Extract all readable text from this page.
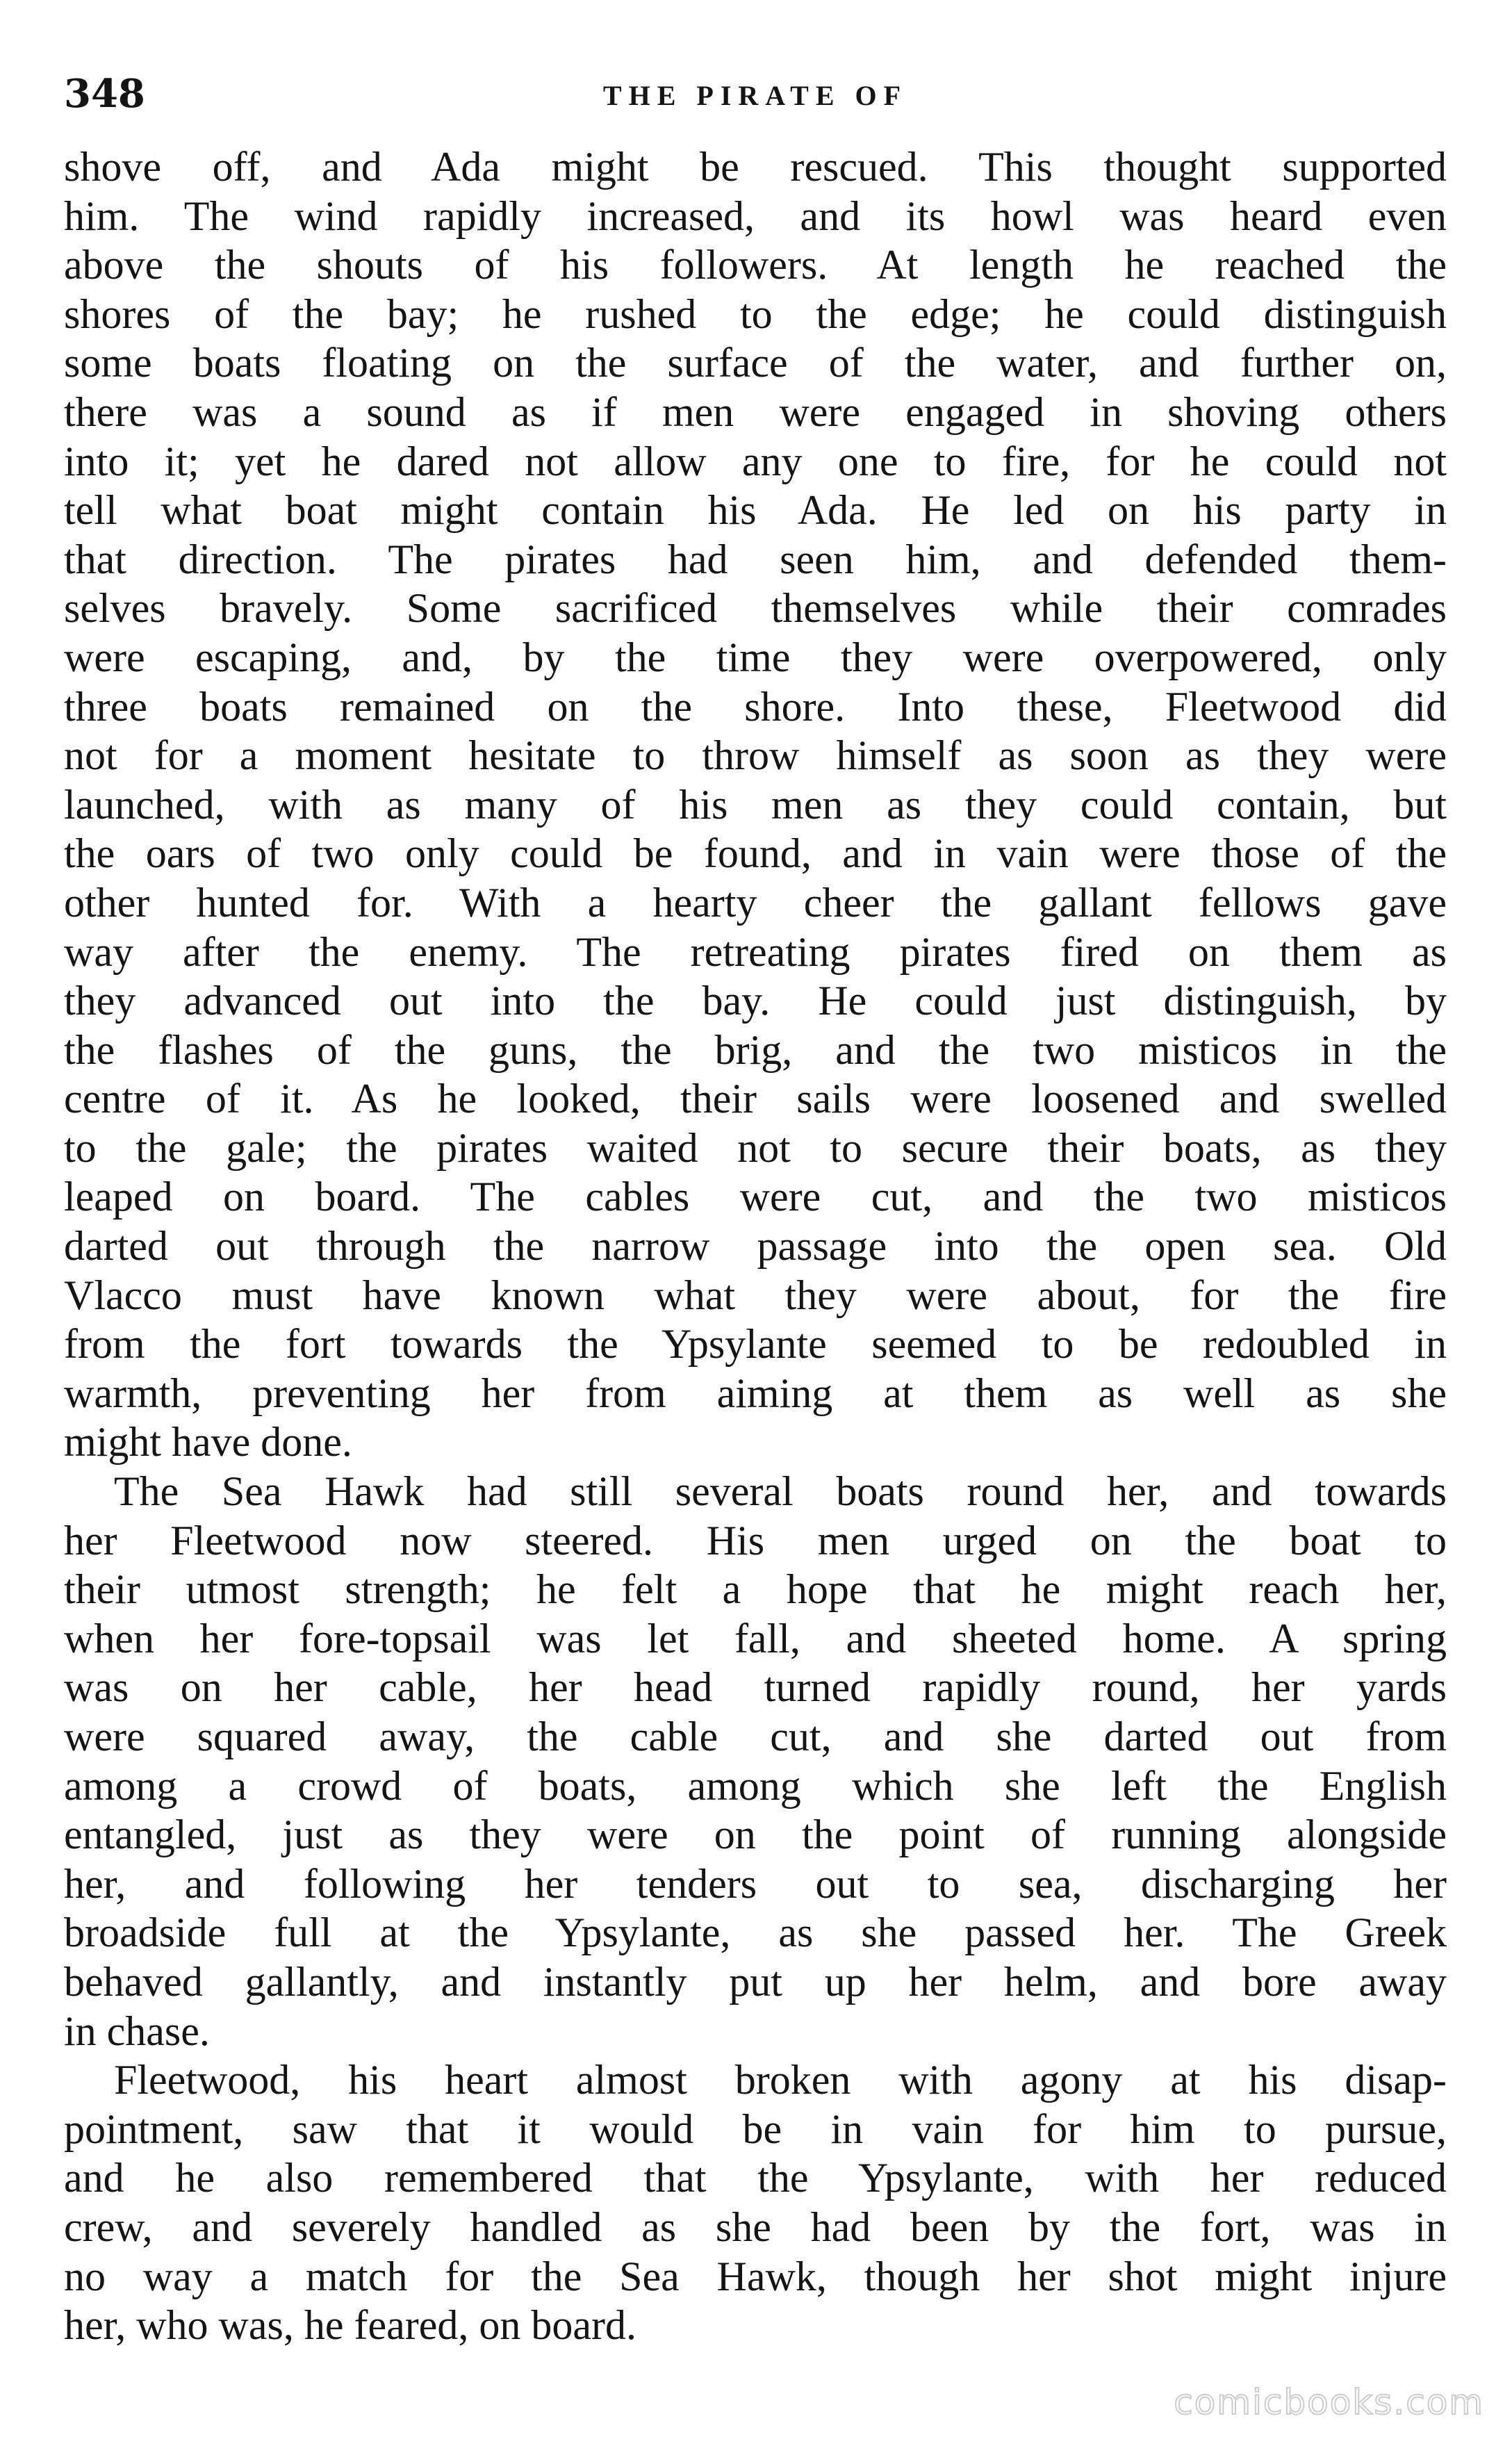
348	THE PIRATE OF
shove off, and Ada might be rescued. This thought supported
him. The wind rapidly increased, and its howl was heard even
above the shouts of his followers. At length he reached the
shores of the bay; he rushed to the edge; he could distinguish
some boats floating on the surface of the water, and further on,
there was a sound as if men were engaged in shoving others
into it; yet he dared not allow any one to fire, for he could not
tell what boat might contain his Ada. He led on his party in
that direction. The pirates had seen him, and defended them-
selves bravely. Some sacrificed themselves while their comrades
were escaping, and, by the time they were overpowered, only
three boats remained on the shore. Into these, Fleetwood did
not for a moment hesitate to throw himself as soon as they were
launched, with as many of his men as they could contain, but
the oars of two only could be found, and in vain were those of the
other hunted for. With a hearty cheer the gallant fellows gave
way after the enemy. The retreating pirates fired on them as
they advanced out into the bay. He could just distinguish, by
the flashes of the guns, the brig, and the two misticos in the
centre of it. As he looked, their sails were loosened and swelled
to the gale; the pirates waited not to secure their boats, as they
leaped on board. The cables were cut, and the two misticos
darted out through the narrow passage into the open sea. Old
Vlacco must have known what they were about, for the fire
from the fort towards the Ypsylante seemed to be redoubled in
warmth, preventing her from aiming at them as well as she
might have done.
The Sea Hawk had still several boats round her, and towards
her Fleetwood now steered. His men urged on the boat to
their utmost strength; he felt a hope that he might reach her,
when her fore-topsail was let fall, and sheeted home. A spring
was on her cable, her head turned rapidly round, her yards
were squared away, the cable cut, and she darted out from
among a crowd of boats, among which she left the English
entangled, just as they were on the point of running alongside
her, and following her tenders out to sea, discharging her
broadside full at the Ypsylante, as she passed her. The Greek
behaved gallantly, and instantly put up her helm, and bore away
in chase.
Fleetwood, his heart almost broken with agony at his disap-
pointment, saw that it would be in vain for him to pursue,
and he also remembered that the Ypsylante, with her reduced
crew, and severely handled as she had been by the fort, was in
no way a match for the Sea Hawk, though her shot might injure
her, who was, he feared, on board.
comicbooks.com
